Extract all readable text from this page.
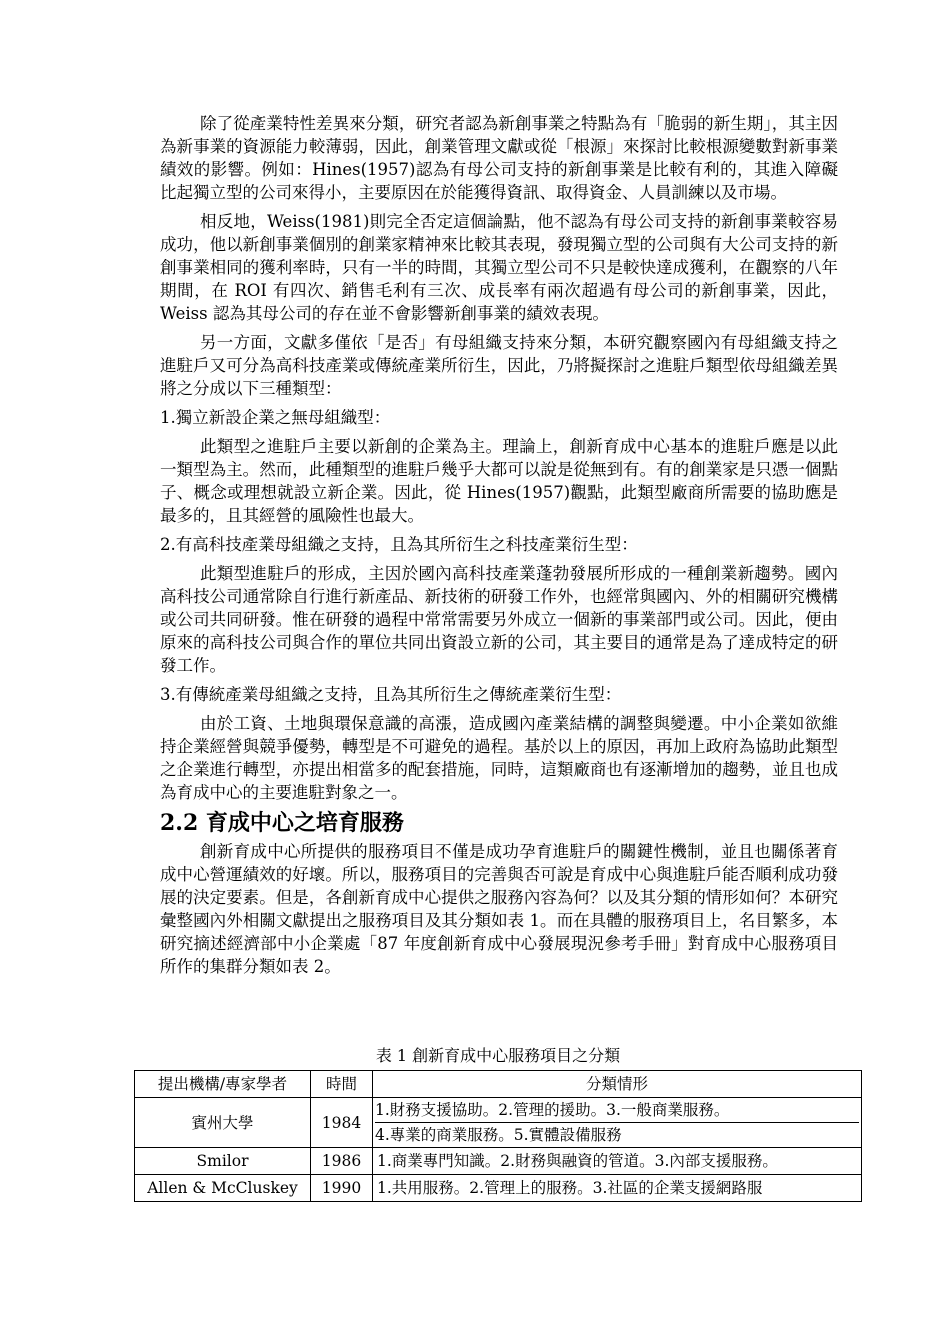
除了從產業特性差異來分類，研究者認為新創事業之特點為有「脆弱的新生期」，其主因為新事業的資源能力較薄弱，因此，創業管理文獻或從「根源」來探討比較根源變數對新事業績效的影響。例如：Hines(1957)認為有母公司支持的新創事業是比較有利的，其進入障礙比起獨立型的公司來得小，主要原因在於能獲得資訊、取得資金、人員訓練以及市場。

相反地，Weiss(1981)則完全否定這個論點，他不認為有母公司支持的新創事業較容易成功，他以新創事業個別的創業家精神來比較其表現，發現獨立型的公司與有大公司支持的新創事業相同的獲利率時，只有一半的時間，其獨立型公司不只是較快達成獲利，在觀察的八年期間，在 ROI 有四次、銷售毛利有三次、成長率有兩次超過有母公司的新創事業，因此，Weiss 認為其母公司的存在並不會影響新創事業的績效表現。

另一方面，文獻多僅依「是否」有母組織支持來分類，本研究觀察國內有母組織支持之進駐戶又可分為高科技產業或傳統產業所衍生，因此，乃將擬探討之進駐戶類型依母組織差異將之分成以下三種類型：

1.獨立新設企業之無母組織型：

此類型之進駐戶主要以新創的企業為主。理論上，創新育成中心基本的進駐戶應是以此一類型為主。然而，此種類型的進駐戶幾乎大都可以說是從無到有。有的創業家是只憑一個點子、概念或理想就設立新企業。因此，從 Hines(1957)觀點，此類型廠商所需要的協助應是最多的，且其經營的風險性也最大。

2.有高科技產業母組織之支持，且為其所衍生之科技產業衍生型：

此類型進駐戶的形成，主因於國內高科技產業蓬勃發展所形成的一種創業新趨勢。國內高科技公司通常除自行進行新產品、新技術的研發工作外，也經常與國內、外的相關研究機構或公司共同研發。惟在研發的過程中常常需要另外成立一個新的事業部門或公司。因此，便由原來的高科技公司與合作的單位共同出資設立新的公司，其主要目的通常是為了達成特定的研發工作。

3.有傳統產業母組織之支持，且為其所衍生之傳統產業衍生型：

由於工資、土地與環保意識的高漲，造成國內產業結構的調整與變遷。中小企業如欲維持企業經營與競爭優勢，轉型是不可避免的過程。基於以上的原因，再加上政府為協助此類型之企業進行轉型，亦提出相當多的配套措施，同時，這類廠商也有逐漸增加的趨勢，並且也成為育成中心的主要進駐對象之一。

2.2 育成中心之培育服務

創新育成中心所提供的服務項目不僅是成功孕育進駐戶的關鍵性機制，並且也關係著育成中心營運績效的好壞。所以，服務項目的完善與否可說是育成中心與進駐戶能否順利成功發展的決定要素。但是，各創新育成中心提供之服務內容為何？以及其分類的情形如何？本研究彙整國內外相關文獻提出之服務項目及其分類如表 1。而在具體的服務項目上，名目繁多，本研究摘述經濟部中小企業處「87 年度創新育成中心發展現況參考手冊」對育成中心服務項目所作的集群分類如表 2。

表 1 創新育成中心服務項目之分類
提出機構/專家學者	時間	分類情形
賓州大學	1984	1.財務支援協助。2.管理的援助。3.一般商業服務。
4.專業的商業服務。5.實體設備服務

Smilor	1986	1.商業專門知識。2.財務與融資的管道。3.內部支援服務。
Allen & McCluskey	1990	1.共用服務。2.管理上的服務。3.社區的企業支援網路服
